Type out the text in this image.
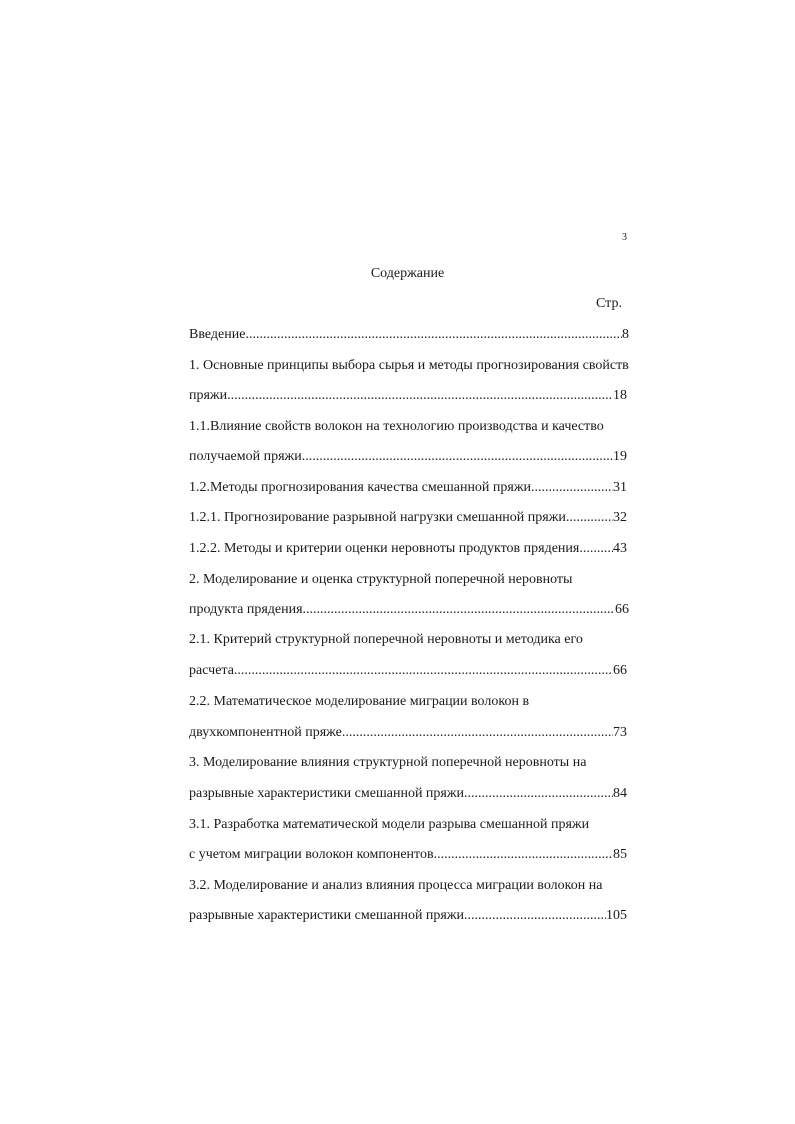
3
Содержание
Стр.
Введение .....	8
1. Основные принципы выбора сырья и методы прогнозирования свойств
пряжи .....	18
1.1.Влияние свойств волокон на технологию производства и качество
получаемой пряжи .....	19
1.2.Методы прогнозирования качества смешанной пряжи .....	31
1.2.1. Прогнозирование разрывной нагрузки смешанной пряжи .....	32
1.2.2. Методы и критерии оценки неровноты продуктов прядения ..... 43
2. Моделирование и оценка структурной поперечной неровноты
продукта прядения .....	66
2.1. Критерий структурной поперечной неровноты и методика его
расчета .....	66
2.2. Математическое моделирование миграции волокон в
двухкомпонентной пряже .....	73
3. Моделирование влияния структурной поперечной неровноты на
разрывные характеристики смешанной пряжи .....	84
3.1. Разработка математической модели разрыва смешанной пряжи
с учетом миграции волокон компонентов .....	85
3.2. Моделирование и анализ влияния процесса миграции волокон на
разрывные характеристики смешанной пряжи .....	105
